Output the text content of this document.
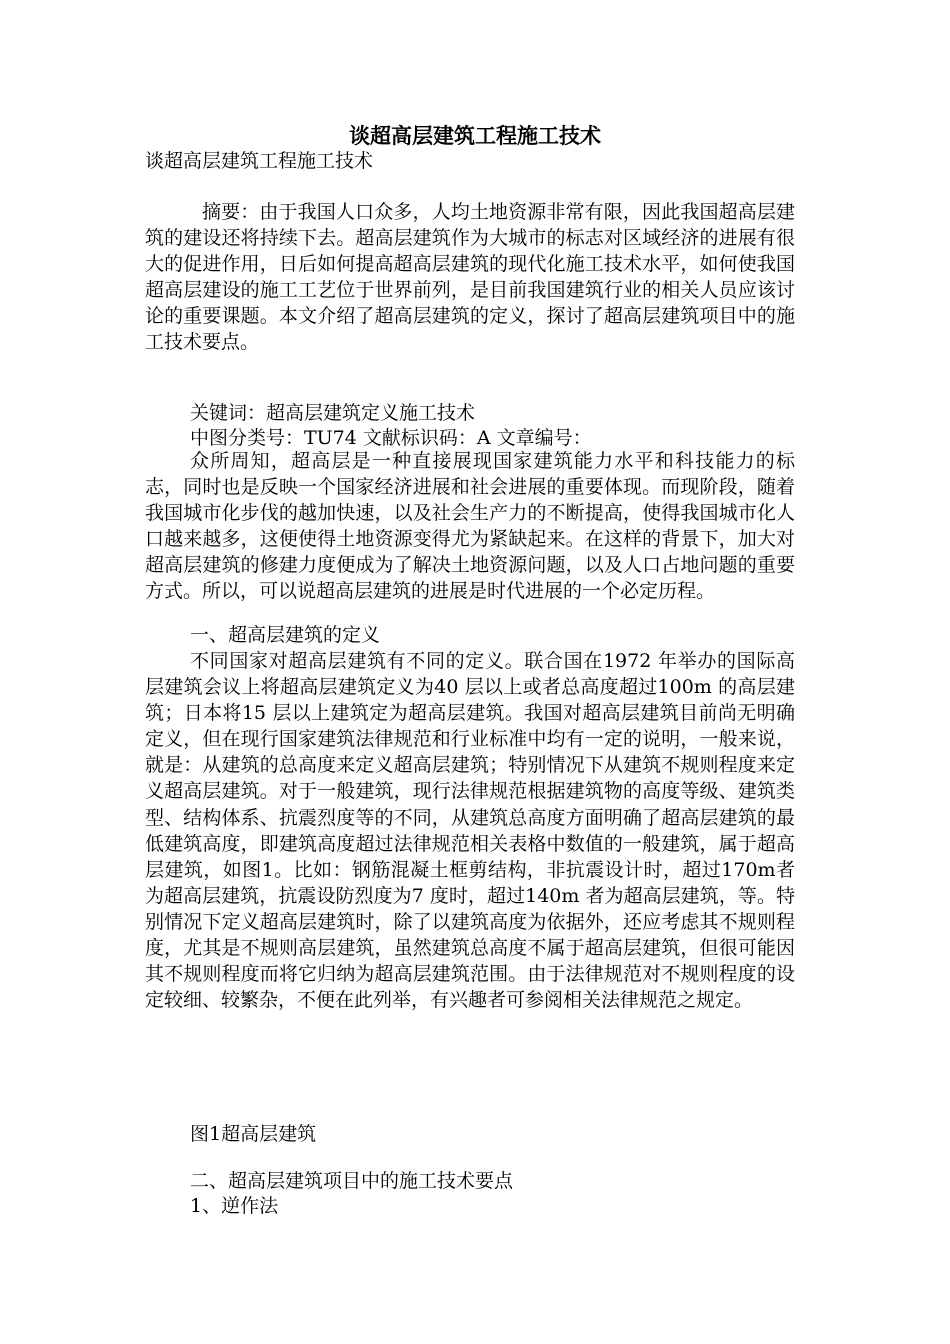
谈超高层建筑工程施工技术
谈超高层建筑工程施工技术

摘要：由于我国人口众多，人均土地资源非常有限，因此我国超高层建筑的建设还将持续下去。超高层建筑作为大城市的标志对区域经济的进展有很大的促进作用，日后如何提高超高层建筑的现代化施工技术水平，如何使我国超高层建设的施工工艺位于世界前列，是目前我国建筑行业的相关人员应该讨论的重要课题。本文介绍了超高层建筑的定义，探讨了超高层建筑项目中的施工技术要点。

关键词：超高层建筑定义施工技术
中图分类号：TU74 文献标识码：A 文章编号：

众所周知，超高层是一种直接展现国家建筑能力水平和科技能力的标志，同时也是反映一个国家经济进展和社会进展的重要体现。而现阶段，随着我国城市化步伐的越加快速，以及社会生产力的不断提高，使得我国城市化人口越来越多，这便使得土地资源变得尤为紧缺起来。在这样的背景下，加大对超高层建筑的修建力度便成为了解决土地资源问题，以及人口占地问题的重要方式。所以，可以说超高层建筑的进展是时代进展的一个必定历程。

一、超高层建筑的定义

不同国家对超高层建筑有不同的定义。联合国在1972 年举办的国际高层建筑会议上将超高层建筑定义为40 层以上或者总高度超过100m 的高层建筑；日本将15 层以上建筑定为超高层建筑。我国对超高层建筑目前尚无明确定义，但在现行国家建筑法律规范和行业标准中均有一定的说明，一般来说，就是：从建筑的总高度来定义超高层建筑；特别情况下从建筑不规则程度来定义超高层建筑。对于一般建筑，现行法律规范根据建筑物的高度等级、建筑类型、结构体系、抗震烈度等的不同，从建筑总高度方面明确了超高层建筑的最低建筑高度，即建筑高度超过法律规范相关表格中数值的一般建筑，属于超高层建筑，如图1。比如：钢筋混凝土框剪结构，非抗震设计时，超过170m者为超高层建筑，抗震设防烈度为7 度时，超过140m 者为超高层建筑，等。特别情况下定义超高层建筑时，除了以建筑高度为依据外，还应考虑其不规则程度，尤其是不规则高层建筑，虽然建筑总高度不属于超高层建筑，但很可能因其不规则程度而将它归纳为超高层建筑范围。由于法律规范对不规则程度的设定较细、较繁杂，不便在此列举，有兴趣者可参阅相关法律规范之规定。

图1超高层建筑
二、超高层建筑项目中的施工技术要点
1、逆作法
